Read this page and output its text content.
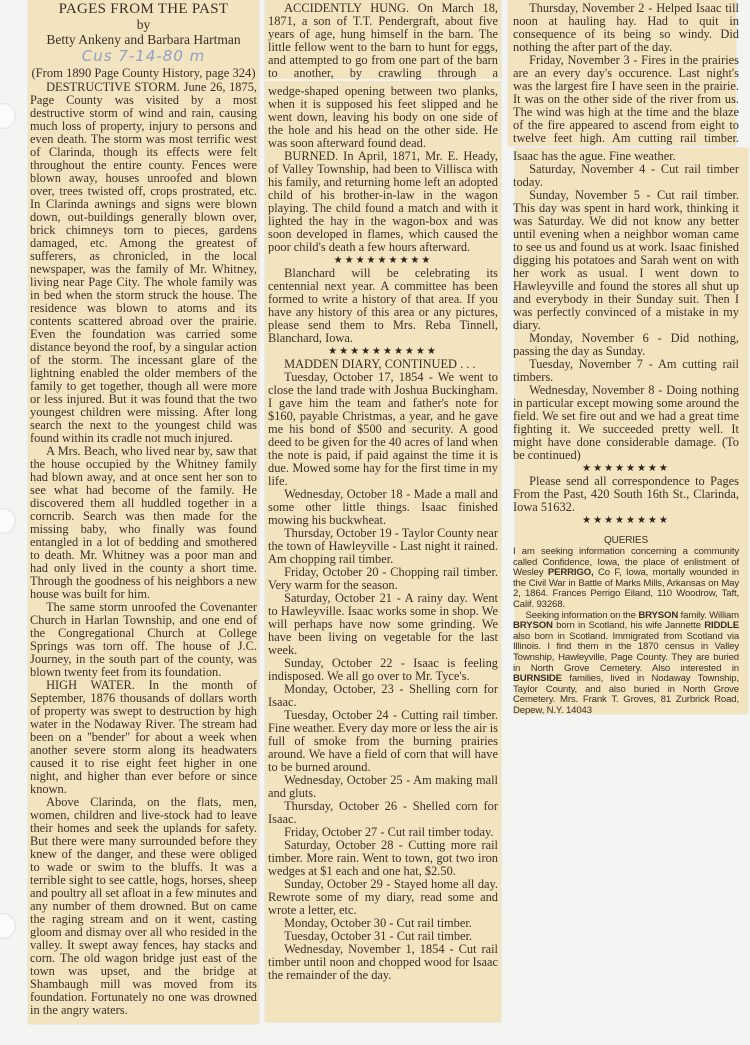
PAGES FROM THE PAST
by
Betty Ankeny and Barbara Hartman
Cus 7-14-80 m
(From 1890 Page County History, page 324)

DESTRUCTIVE STORM. June 26, 1875, Page County was visited by a most destructive storm of wind and rain, causing much loss of property, injury to persons and even death. The storm was most terrific west of Clarinda, though its effects were felt throughout the entire county. Fences were blown away, houses unroofed and blown over, trees twisted off, crops prostrated, etc. In Clarinda awnings and signs were blown down, out-buildings generally blown over, brick chimneys torn to pieces, gardens damaged, etc. Among the greatest of sufferers, as chronicled, in the local newspaper, was the family of Mr. Whitney, living near Page City. The whole family was in bed when the storm struck the house. The residence was blown to atoms and its contents scattered abroad over the prairie. Even the foundation was carried some distance beyond the roof, by a singular action of the storm. The incessant glare of the lightning enabled the older members of the family to get together, though all were more or less injured. But it was found that the two youngest children were missing. After long search the next to the youngest child was found within its cradle not much injured.

A Mrs. Beach, who lived near by, saw that the house occupied by the Whitney family had blown away, and at once sent her son to see what had become of the family. He discovered them all huddled together in a corncrib. Search was then made for the missing baby, who finally was found entangled in a lot of bedding and smothered to death. Mr. Whitney was a poor man and had only lived in the county a short time. Through the goodness of his neighbors a new house was built for him.

The same storm unroofed the Covenanter Church in Harlan Township, and one end of the Congregational Church at College Springs was torn off. The house of J.C. Journey, in the south part of the county, was blown twenty feet from its foundation.

HIGH WATER. In the month of September, 1876 thousands of dollars worth of property was swept to destruction by high water in the Nodaway River. The stream had been on a ''bender'' for about a week when another severe storm along its headwaters caused it to rise eight feet higher in one night, and higher than ever before or since known.

Above Clarinda, on the flats, men, women, children and live-stock had to leave their homes and seek the uplands for safety. But there were many surrounded before they knew of the danger, and these were obliged to wade or swim to the bluffs. It was a terrible sight to see cattle, hogs, horses, sheep and poultry all set afloat in a few minutes and any number of them drowned. But on came the raging stream and on it went, casting gloom and dismay over all who resided in the valley. It swept away fences, hay stacks and corn. The old wagon bridge just east of the town was upset, and the bridge at Shambaugh mill was moved from its foundation. Fortunately no one was drowned in the angry waters.

ACCIDENTLY HUNG. On March 18, 1871, a son of T.T. Pendergraft, about five years of age, hung himself in the barn. The little fellow went to the barn to hunt for eggs, and attempted to go from one part of the barn to another, by crawling through a

wedge-shaped opening between two planks, when it is supposed his feet slipped and he went down, leaving his body on one side of the hole and his head on the other side. He was soon afterward found dead.

BURNED. In April, 1871, Mr. E. Heady, of Valley Township, had been to Villisca with his family, and returning home left an adopted child of his brother-in-law in the wagon playing. The child found a match and with it lighted the hay in the wagon-box and was soon developed in flames, which caused the poor child's death a few hours afterward.

★★★★★★★★★

Blanchard will be celebrating its centennial next year. A committee has been formed to write a history of that area. If you have any history of this area or any pictures, please send them to Mrs. Reba Tinnell, Blanchard, Iowa.

★★★★★★★★★★

MADDEN DIARY, CONTINUED . . .

Tuesday, October 17, 1854 - We went to close the land trade with Joshua Buckingham. I gave him the team and father's note for $160, payable Christmas, a year, and he gave me his bond of $500 and security. A good deed to be given for the 40 acres of land when the note is paid, if paid against the time it is due. Mowed some hay for the first time in my life.

Wednesday, October 18 - Made a mall and some other little things. Isaac finished mowing his buckwheat.

Thursday, October 19 - Taylor County near the town of Hawleyville - Last night it rained. Am chopping rail timber.

Friday, October 20 - Chopping rail timber. Very warm for the season.

Saturday, October 21 - A rainy day. Went to Hawleyville. Isaac works some in shop. We will perhaps have now some grinding. We have been living on vegetable for the last week.

Sunday, October 22 - Isaac is feeling indisposed. We all go over to Mr. Tyce's.

Monday, October, 23 - Shelling corn for Isaac.

Tuesday, October 24 - Cutting rail timber. Fine weather. Every day more or less the air is full of smoke from the burning prairies around. We have a field of corn that will have to be burned around.

Wednesday, October 25 - Am making mall and gluts.

Thursday, October 26 - Shelled corn for Isaac.

Friday, October 27 - Cut rail timber today.

Saturday, October 28 - Cutting more rail timber. More rain. Went to town, got two iron wedges at $1 each and one hat, $2.50.

Sunday, October 29 - Stayed home all day. Rewrote some of my diary, read some and wrote a letter, etc.

Monday, October 30 - Cut rail timber.

Tuesday, October 31 - Cut rail timber.

Wednesday, November 1, 1854 - Cut rail timber until noon and chopped wood for Isaac the remainder of the day.

Thursday, November 2 - Helped Isaac till noon at hauling hay. Had to quit in consequence of its being so windy. Did nothing the after part of the day.

Friday, November 3 - Fires in the prairies are an every day's occurence. Last night's was the largest fire I have seen in the prairie. It was on the other side of the river from us. The wind was high at the time and the blaze of the fire appeared to ascend from eight to twelve feet high. Am cutting rail timber.

Isaac has the ague. Fine weather.

Saturday, November 4 - Cut rail timber today.

Sunday, November 5 - Cut rail timber. This day was spent in hard work, thinking it was Saturday. We did not know any better until evening when a neighbor woman came to see us and found us at work. Isaac finished digging his potatoes and Sarah went on with her work as usual. I went down to Hawleyville and found the stores all shut up and everybody in their Sunday suit. Then I was perfectly convinced of a mistake in my diary.

Monday, November 6 - Did nothing, passing the day as Sunday.

Tuesday, November 7 - Am cutting rail timbers.

Wednesday, November 8 - Doing nothing in particular except mowing some around the field. We set fire out and we had a great time fighting it. We succeeded pretty well. It might have done considerable damage. (To be continued)

★★★★★★★★

Please send all correspondence to Pages From the Past, 420 South 16th St., Clarinda, Iowa 51632.

★★★★★★★★
QUERIES

I am seeking information concerning a community called Confidence, Iowa, the place of enlistment of Wesley PERRIGO, Co F, Iowa, mortally wounded in the Civil War in Battle of Marks Mills, Arkansas on May 2, 1864. Frances Perrigo Eiland, 110 Woodrow, Taft, Calif. 93268.

Seeking information on the BRYSON family. William BRYSON born in Scotland, his wife Jannette RIDDLE also born in Scotland. Immigrated from Scotland via Illinois. I find them in the 1870 census in Valley Township, Hawleyville, Page County. They are buried in North Grove Cemetery. Also interested in BURNSIDE families, lived in Nodaway Township, Taylor County, and also buried in North Grove Cemetery. Mrs. Frank T. Groves, 81 Zurbrick Road, Depew, N.Y. 14043
